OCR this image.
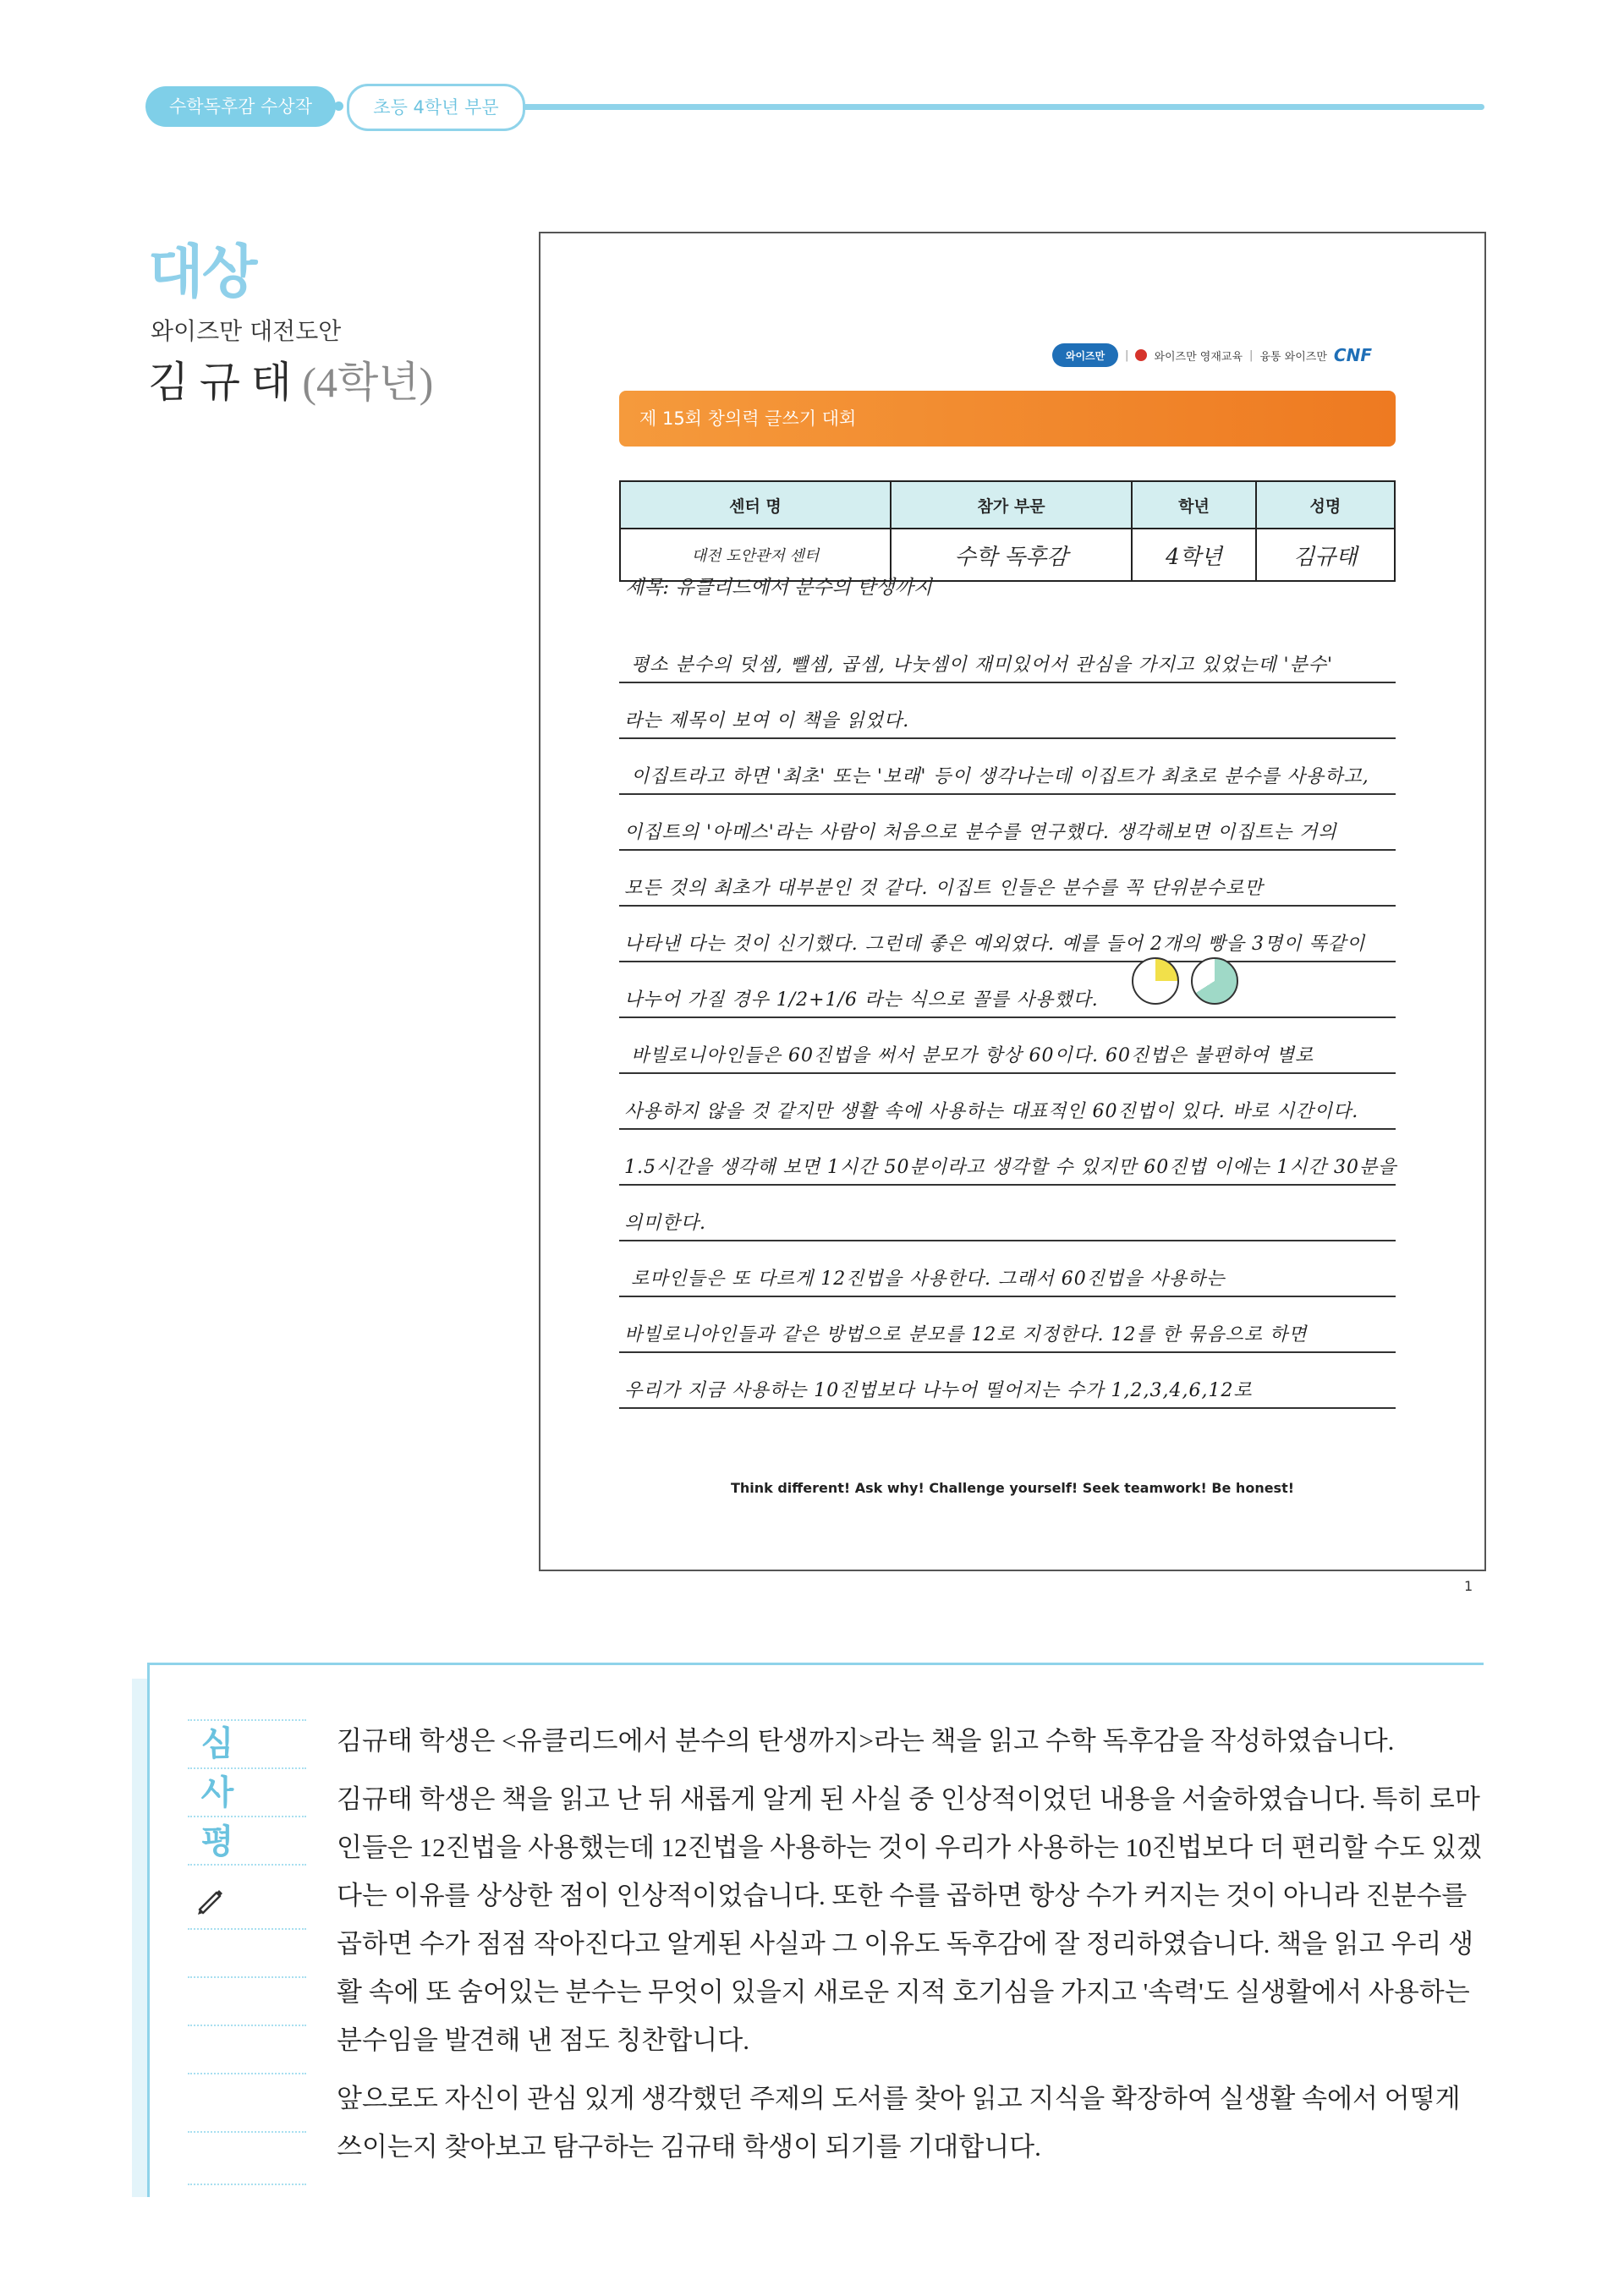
수학독후감 수상작	초등 4학년 부문
대상
와이즈만 대전도안
김 규 태 (4학년)
와이즈만	| 와이즈만 영재교육 | 융통 와이즈만 CNF
제 15회 창의력 글쓰기 대회
센터 명	참가 부문	학년	성명
대전 도안관저 센터	수학 독후감	4학년	김규태
제목: 유클리드에서 분수의 탄생까지
평소 분수의 덧셈, 뺄셈, 곱셈, 나눗셈이 재미있어서 관심을 가지고 있었는데 '분수'
라는 제목이 보여 이 책을 읽었다.
이집트라고 하면 '최초' 또는 '보래' 등이 생각나는데 이집트가 최초로 분수를 사용하고,
이집트의 '아메스'라는 사람이 처음으로 분수를 연구했다. 생각해보면 이집트는 거의
모든 것의 최초가 대부분인 것 같다. 이집트 인들은 분수를 꼭 단위분수로만
나타낸 다는 것이 신기했다. 그런데 좋은 예외였다. 예를 들어 2개의 빵을 3명이 똑같이
나누어 가질 경우 1/2+1/6 라는 식으로 꼴를 사용했다.
바빌로니아인들은 60진법을 써서 분모가 항상 60이다. 60진법은 불편하여 별로
사용하지 않을 것 같지만 생활 속에 사용하는 대표적인 60진법이 있다. 바로 시간이다.
1.5시간을 생각해 보면 1시간 50분이라고 생각할 수 있지만 60진법 이에는 1시간 30분을
의미한다.
로마인들은 또 다르게 12진법을 사용한다. 그래서 60진법을 사용하는
바빌로니아인들과 같은 방법으로 분모를 12로 지정한다. 12를 한 묶음으로 하면
우리가 지금 사용하는 10진법보다 나누어 떨어지는 수가 1,2,3,4,6,12로
Think different! Ask why! Challenge yourself! Seek teamwork! Be honest!
1
심
사
평

김규태 학생은 <유클리드에서 분수의 탄생까지>라는 책을 읽고 수학 독후감을 작성하였습니다.

김규태 학생은 책을 읽고 난 뒤 새롭게 알게 된 사실 중 인상적이었던 내용을 서술하였습니다. 특히 로마인들은 12진법을 사용했는데 12진법을 사용하는 것이 우리가 사용하는 10진법보다 더 편리할 수도 있겠다는 이유를 상상한 점이 인상적이었습니다. 또한 수를 곱하면 항상 수가 커지는 것이 아니라 진분수를 곱하면 수가 점점 작아진다고 알게된 사실과 그 이유도 독후감에 잘 정리하였습니다. 책을 읽고 우리 생활 속에 또 숨어있는 분수는 무엇이 있을지 새로운 지적 호기심을 가지고 '속력'도 실생활에서 사용하는 분수임을 발견해 낸 점도 칭찬합니다.

앞으로도 자신이 관심 있게 생각했던 주제의 도서를 찾아 읽고 지식을 확장하여 실생활 속에서 어떻게 쓰이는지 찾아보고 탐구하는 김규태 학생이 되기를 기대합니다.
